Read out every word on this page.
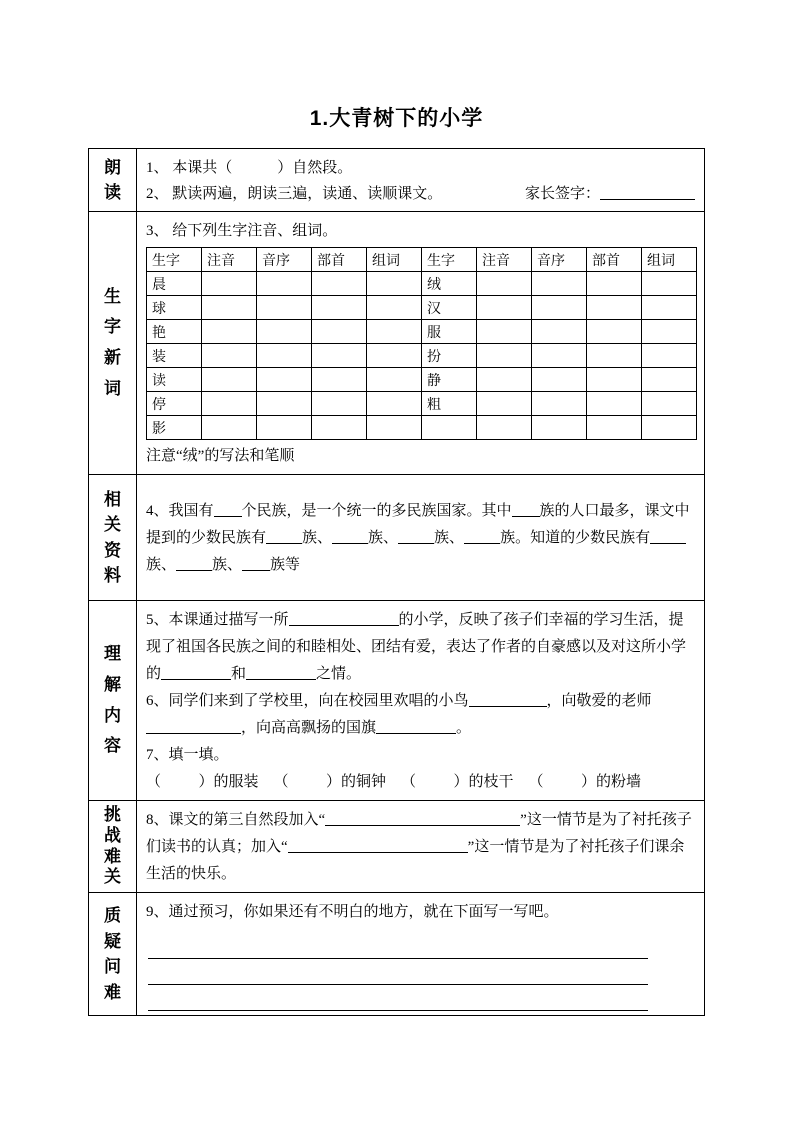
1.大青树下的小学
朗读

1、 本课共（            ）自然段。
2、 默读两遍，朗读三遍，读通、读顺课文。	家长签字：

生字新词

3、 给下列生字注音、组词。
生字	注音	音序	部首	组词	生字	注音	音序	部首	组词
晨					绒				
球					汉				
艳					服				
装					扮				
读					静				
停					粗				
影									
注意“绒”的写法和笔顺

相关资料

4、我国有 个民族，是一个统一的多民族国家。其中 族的人口最多，课文中提到的少数民族有 族、 族、 族、 族。知道的少数民族有族、 族、 族等

理解内容

5、本课通过描写一所	的小学，反映了孩子们幸福的学习生活，提现了祖国各民族之间的和睦相处、团结有爱，表达了作者的自豪感以及对这所小学的	和	之情。

6、同学们来到了学校里，向在校园里欢唱的小鸟	，向敬爱的老师，向高高飘扬的国旗	。

7、填一填。

（          ）的服装    （          ）的铜钟    （          ）的枝干    （          ）的粉墙

挑战难关

8、课文的第三自然段加入“	”这一情节是为了衬托孩子们读书的认真；加入“	”这一情节是为了衬托孩子们课余生活的快乐。

质疑问难

9、通过预习，你如果还有不明白的地方，就在下面写一写吧。
